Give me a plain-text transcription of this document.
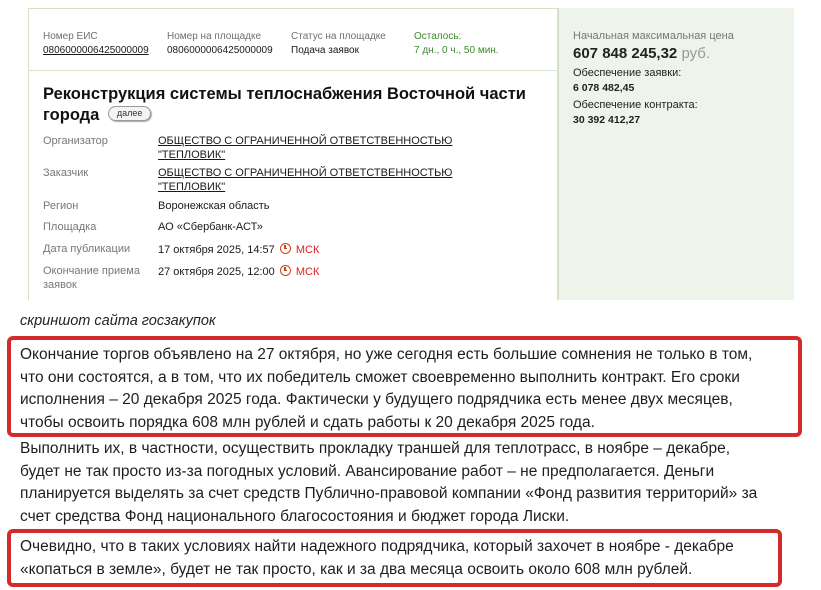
Номер ЕИС
0806000006425000009
Номер на площадке
0806000006425000009
Статус на площадке
Подача заявок
Осталось:
7 дн., 0 ч., 50 мин.
Реконструкция системы теплоснабжения Восточной части города далее
Организатор	ОБЩЕСТВО С ОГРАНИЧЕННОЙ ОТВЕТСТВЕННОСТЬЮ "ТЕПЛОВИК"
Заказчик	ОБЩЕСТВО С ОГРАНИЧЕННОЙ ОТВЕТСТВЕННОСТЬЮ "ТЕПЛОВИК"
Регион	Воронежская область
Площадка	АО «Сбербанк-АСТ»
Дата публикации	17 октября 2025, 14:57 МСК
Окончание приема заявок
27 октября 2025, 12:00 МСК
Начальная максимальная цена
607 848 245,32 руб.
Обеспечение заявки:
6 078 482,45
Обеспечение контракта:
30 392 412,27
скриншот сайта госзакупок
Окончание торгов объявлено на 27 октября, но уже сегодня есть большие сомнения не только в том,
что они состоятся, а в том, что их победитель сможет своевременно выполнить контракт. Его сроки
исполнения – 20 декабря 2025 года. Фактически у будущего подрядчика есть менее двух месяцев,
чтобы освоить порядка 608 млн рублей и сдать работы к 20 декабря 2025 года.
Выполнить их, в частности, осуществить прокладку траншей для теплотрасс, в ноябре – декабре,
будет не так просто из-за погодных условий. Авансирование работ – не предполагается. Деньги
планируется выделять за счет средств Публично-правовой компании «Фонд развития территорий» за
счет средства Фонд национального благосостояния и бюджет города Лиски.
Очевидно, что в таких условиях найти надежного подрядчика, который захочет в ноябре - декабре
«копаться в земле», будет не так просто, как и за два месяца освоить около 608 млн рублей.
